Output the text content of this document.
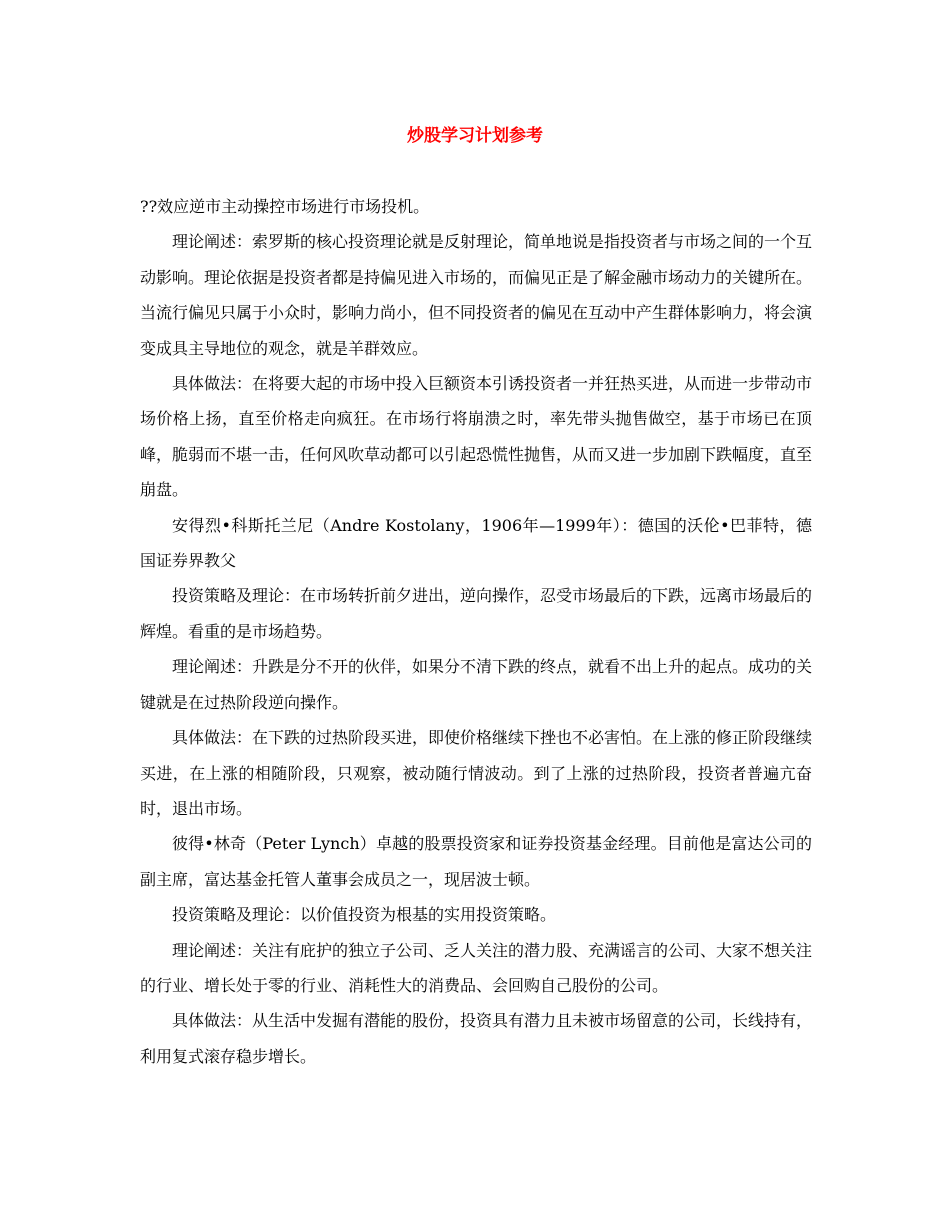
炒股学习计划参考

??效应逆市主动操控市场进行市场投机。

理论阐述：索罗斯的核心投资理论就是反射理论，简单地说是指投资者与市场之间的一个互动影响。理论依据是投资者都是持偏见进入市场的，而偏见正是了解金融市场动力的关键所在。当流行偏见只属于小众时，影响力尚小，但不同投资者的偏见在互动中产生群体影响力，将会演变成具主导地位的观念，就是羊群效应。

具体做法：在将要大起的市场中投入巨额资本引诱投资者一并狂热买进，从而进一步带动市场价格上扬，直至价格走向疯狂。在市场行将崩溃之时，率先带头抛售做空，基于市场已在顶峰，脆弱而不堪一击，任何风吹草动都可以引起恐慌性抛售，从而又进一步加剧下跌幅度，直至崩盘。

安得烈•科斯托兰尼（Andre Kostolany，1906年—1999年）：德国的沃伦•巴菲特，德国证券界教父

投资策略及理论：在市场转折前夕进出，逆向操作，忍受市场最后的下跌，远离市场最后的辉煌。看重的是市场趋势。

理论阐述：升跌是分不开的伙伴，如果分不清下跌的终点，就看不出上升的起点。成功的关键就是在过热阶段逆向操作。

具体做法：在下跌的过热阶段买进，即使价格继续下挫也不必害怕。在上涨的修正阶段继续买进，在上涨的相随阶段，只观察，被动随行情波动。到了上涨的过热阶段，投资者普遍亢奋时，退出市场。

彼得•林奇（Peter Lynch）卓越的股票投资家和证券投资基金经理。目前他是富达公司的副主席，富达基金托管人董事会成员之一，现居波士顿。

投资策略及理论：以价值投资为根基的实用投资策略。

理论阐述：关注有庇护的独立子公司、乏人关注的潜力股、充满谣言的公司、大家不想关注的行业、增长处于零的行业、消耗性大的消费品、会回购自己股份的公司。

具体做法：从生活中发掘有潜能的股份，投资具有潜力且未被市场留意的公司，长线持有，利用复式滚存稳步增长。
